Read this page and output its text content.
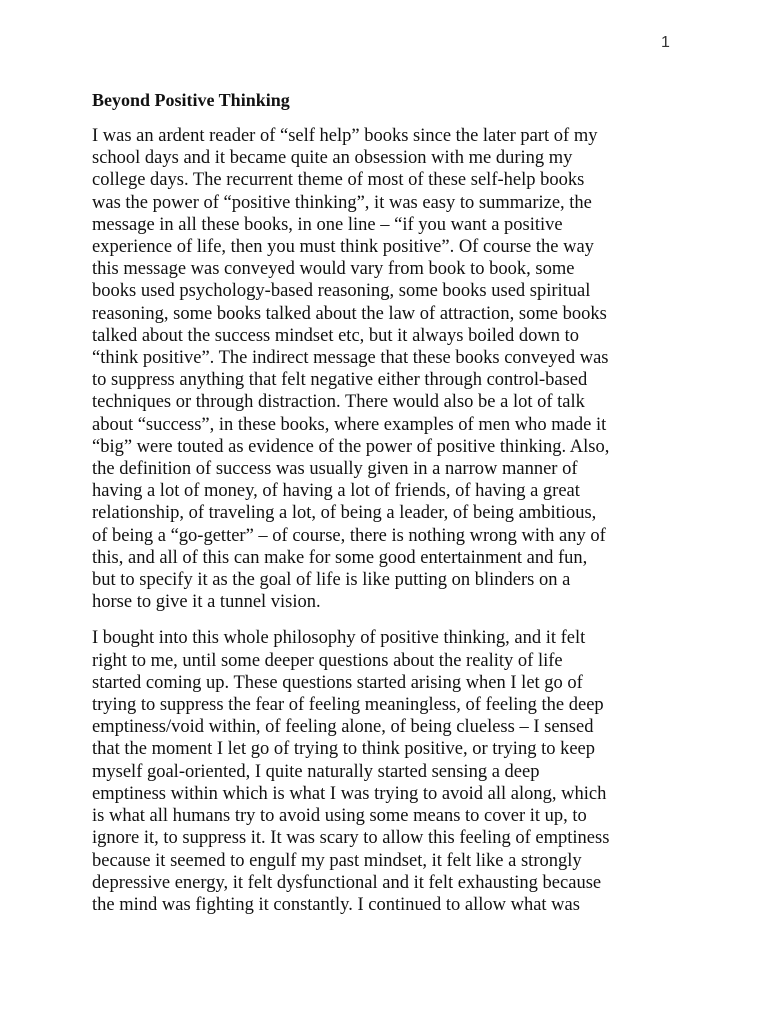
1
Beyond Positive Thinking
I was an ardent reader of “self help” books since the later part of my
school days and it became quite an obsession with me during my
college days. The recurrent theme of most of these self-help books
was the power of “positive thinking”, it was easy to summarize, the
message in all these books, in one line – “if you want a positive
experience of life, then you must think positive”. Of course the way
this message was conveyed would vary from book to book, some
books used psychology-based reasoning, some books used spiritual
reasoning, some books talked about the law of attraction, some books
talked about the success mindset etc, but it always boiled down to
“think positive”. The indirect message that these books conveyed was
to suppress anything that felt negative either through control-based
techniques or through distraction. There would also be a lot of talk
about “success”, in these books, where examples of men who made it
“big” were touted as evidence of the power of positive thinking. Also,
the definition of success was usually given in a narrow manner of
having a lot of money, of having a lot of friends, of having a great
relationship, of traveling a lot, of being a leader, of being ambitious,
of being a “go-getter” – of course, there is nothing wrong with any of
this, and all of this can make for some good entertainment and fun,
but to specify it as the goal of life is like putting on blinders on a
horse to give it a tunnel vision.
I bought into this whole philosophy of positive thinking, and it felt
right to me, until some deeper questions about the reality of life
started coming up. These questions started arising when I let go of
trying to suppress the fear of feeling meaningless, of feeling the deep
emptiness/void within, of feeling alone, of being clueless – I sensed
that the moment I let go of trying to think positive, or trying to keep
myself goal-oriented, I quite naturally started sensing a deep
emptiness within which is what I was trying to avoid all along, which
is what all humans try to avoid using some means to cover it up, to
ignore it, to suppress it. It was scary to allow this feeling of emptiness
because it seemed to engulf my past mindset, it felt like a strongly
depressive energy, it felt dysfunctional and it felt exhausting because
the mind was fighting it constantly. I continued to allow what was
